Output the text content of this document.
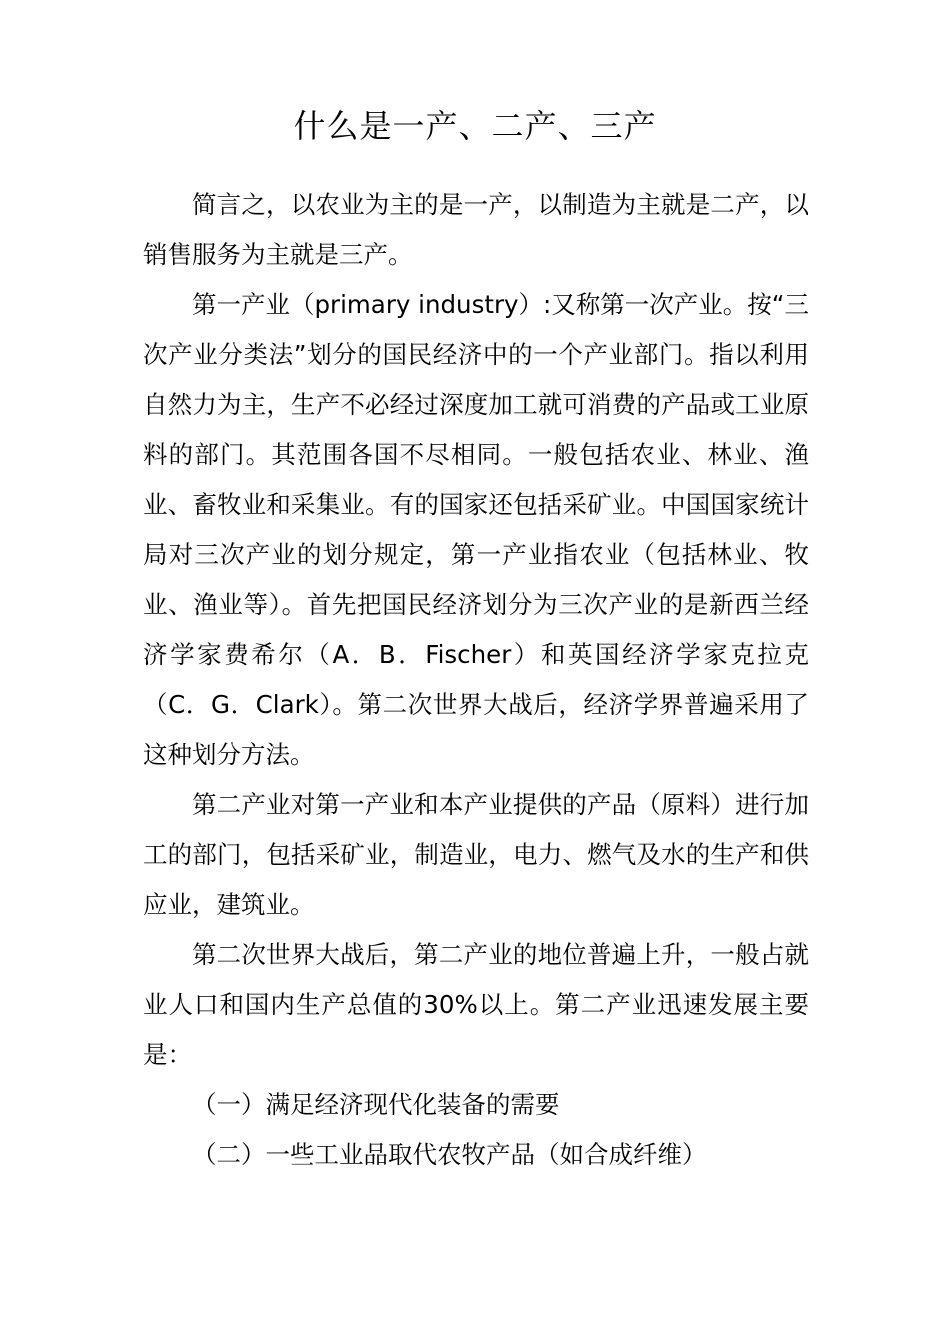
什么是一产、二产、三产

简言之，以农业为主的是一产，以制造为主就是二产，以销售服务为主就是三产。

第一产业（primary industry）:又称第一次产业。按“三次产业分类法”划分的国民经济中的一个产业部门。指以利用自然力为主，生产不必经过深度加工就可消费的产品或工业原料的部门。其范围各国不尽相同。一般包括农业、林业、渔业、畜牧业和采集业。有的国家还包括采矿业。中国国家统计局对三次产业的划分规定，第一产业指农业（包括林业、牧业、渔业等）。首先把国民经济划分为三次产业的是新西兰经济学家费希尔（A．B．Fischer）和英国经济学家克拉克（C．G．Clark）。第二次世界大战后，经济学界普遍采用了这种划分方法。

第二产业对第一产业和本产业提供的产品（原料）进行加工的部门，包括采矿业，制造业，电力、燃气及水的生产和供应业，建筑业。

第二次世界大战后，第二产业的地位普遍上升，一般占就业人口和国内生产总值的30%以上。第二产业迅速发展主要是：

（一）满足经济现代化装备的需要

（二）一些工业品取代农牧产品（如合成纤维）
